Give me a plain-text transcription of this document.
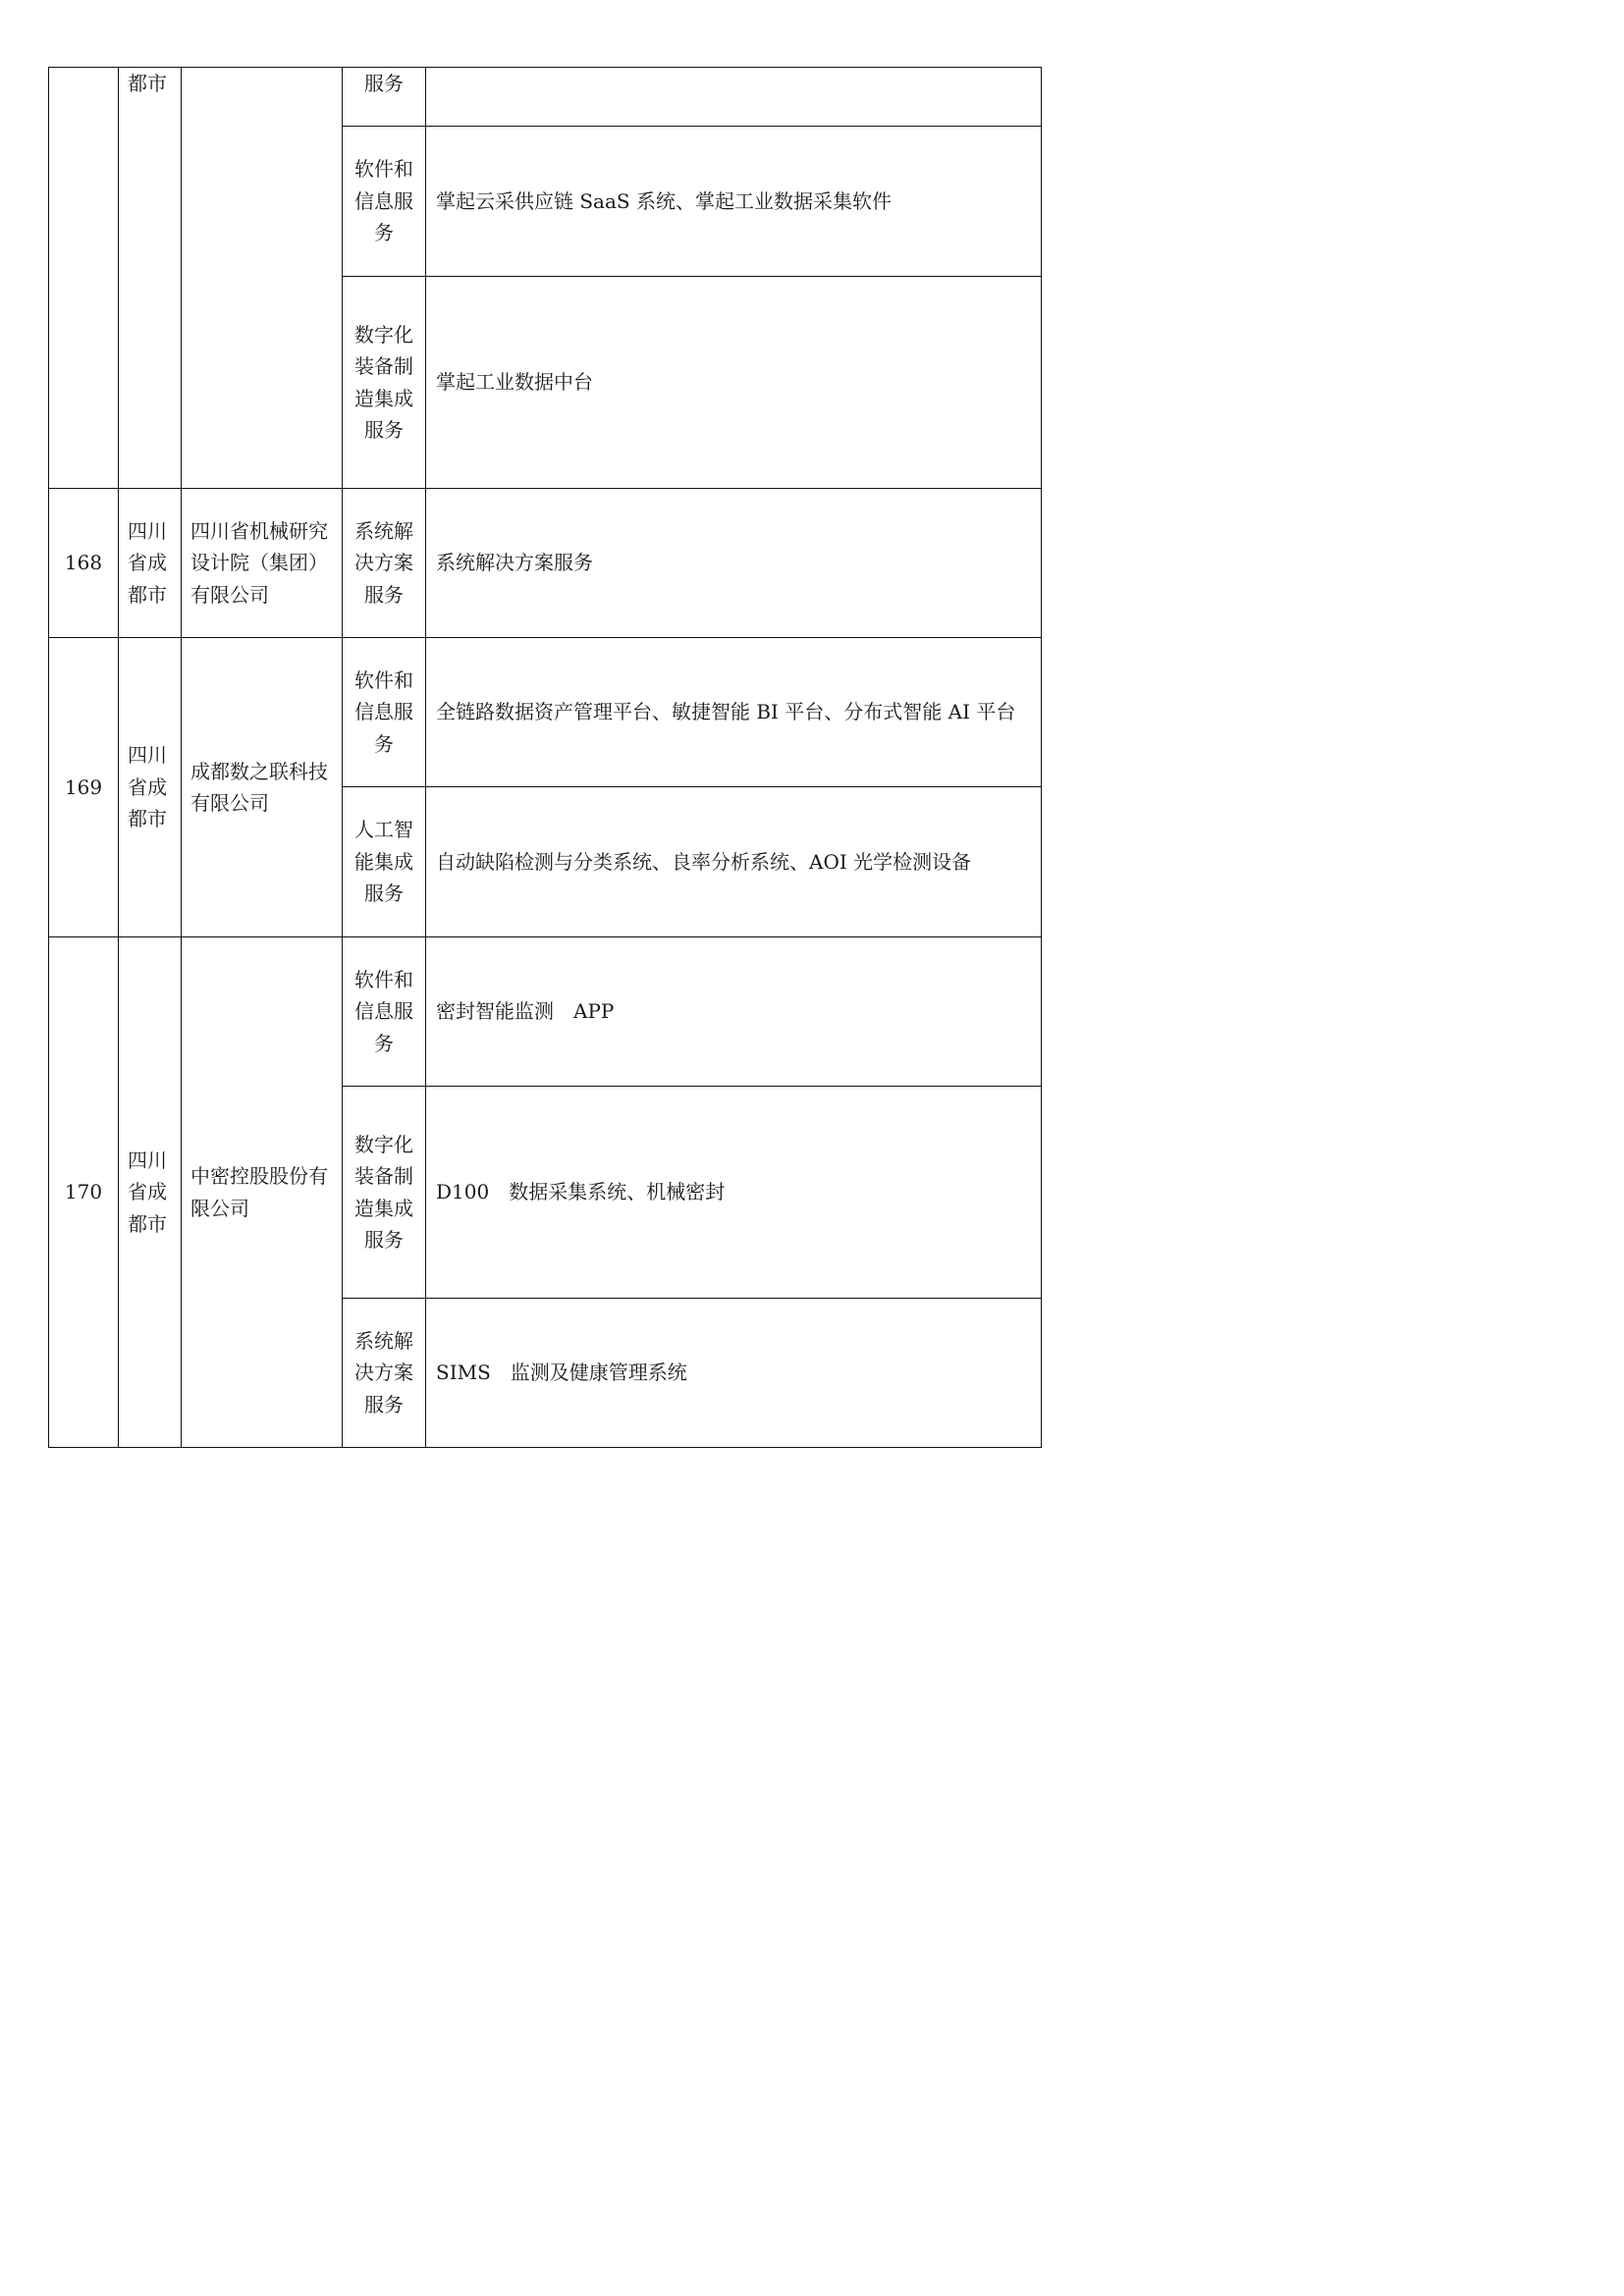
	都市		服务	

			软件和信息服务	掌起云采供应链 SaaS 系统、掌起工业数据采集软件

			数字化装备制造集成服务	掌起工业数据中台

168	四川省成都市	四川省机械研究设计院（集团）有限公司	系统解决方案服务	系统解决方案服务

169	四川省成都市	成都数之联科技有限公司	软件和信息服务	全链路数据资产管理平台、敏捷智能 BI 平台、分布式智能 AI 平台

			人工智能集成服务	自动缺陷检测与分类系统、良率分析系统、AOI 光学检测设备

170	四川省成都市	中密控股股份有限公司	软件和信息服务	密封智能监测　APP

			数字化装备制造集成服务	D100　数据采集系统、机械密封

			系统解决方案服务	SIMS　监测及健康管理系统
